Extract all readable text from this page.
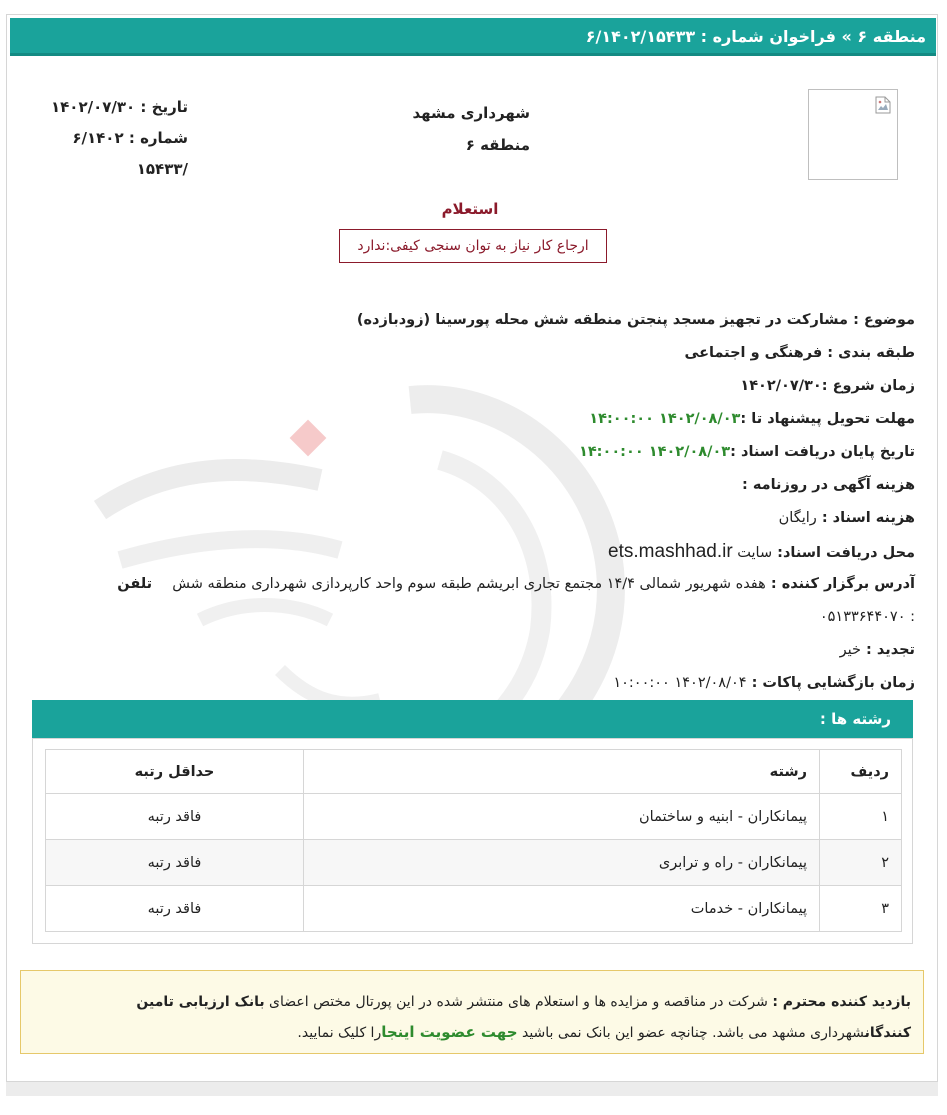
منطقه ۶ » فراخوان شماره : ۶/۱۴۰۲/۱۵۴۳۳
شهرداری مشهد
منطقه ۶
تاریخ : ۱۴۰۲/۰۷/۳۰
شماره : ۶/۱۴۰۲
/۱۵۴۳۳
استعلام
ارجاع کار نیاز به توان سنجی کیفی:ندارد
موضوع : مشارکت در تجهیز مسجد پنجتن منطقه شش محله پورسینا (زودبازده)
طبقه بندی : فرهنگی و اجتماعی
زمان شروع :۱۴۰۲/۰۷/۳۰
مهلت تحویل پیشنهاد تا :۱۴۰۲/۰۸/۰۳ ۱۴:۰۰:۰۰
تاریخ پایان دریافت اسناد :۱۴۰۲/۰۸/۰۳ ۱۴:۰۰:۰۰
هزینه آگهی در روزنامه :
هزینه اسناد : رایگان
محل دریافت اسناد: سایت ets.mashhad.ir
آدرس برگزار کننده : هفده شهریور شمالی ۱۴/۴ مجتمع تجاری ابریشم طبقه سوم واحد کارپردازی شهرداری منطقه شش  تلفن
: ۰۵۱۳۳۶۴۴۰۷۰
تجدید : خیر
زمان بازگشایی پاکات : ۱۴۰۲/۰۸/۰۴ ۱۰:۰۰:۰۰
رشته ها :
ردیف	رشته	حداقل رتبه
۱	پیمانکاران - ابنیه و ساختمان	فاقد رتبه
۲	پیمانکاران - راه و ترابری	فاقد رتبه
۳	پیمانکاران - خدمات	فاقد رتبه
بازدید کننده محترم : شرکت در مناقصه و مزایده ها و استعلام های منتشر شده در این پورتال مختص اعضای بانک ارزیابی تامین کنندگانشهرداری مشهد می باشد. چنانچه عضو این بانک نمی باشید جهت عضویت اینجارا کلیک نمایید.
